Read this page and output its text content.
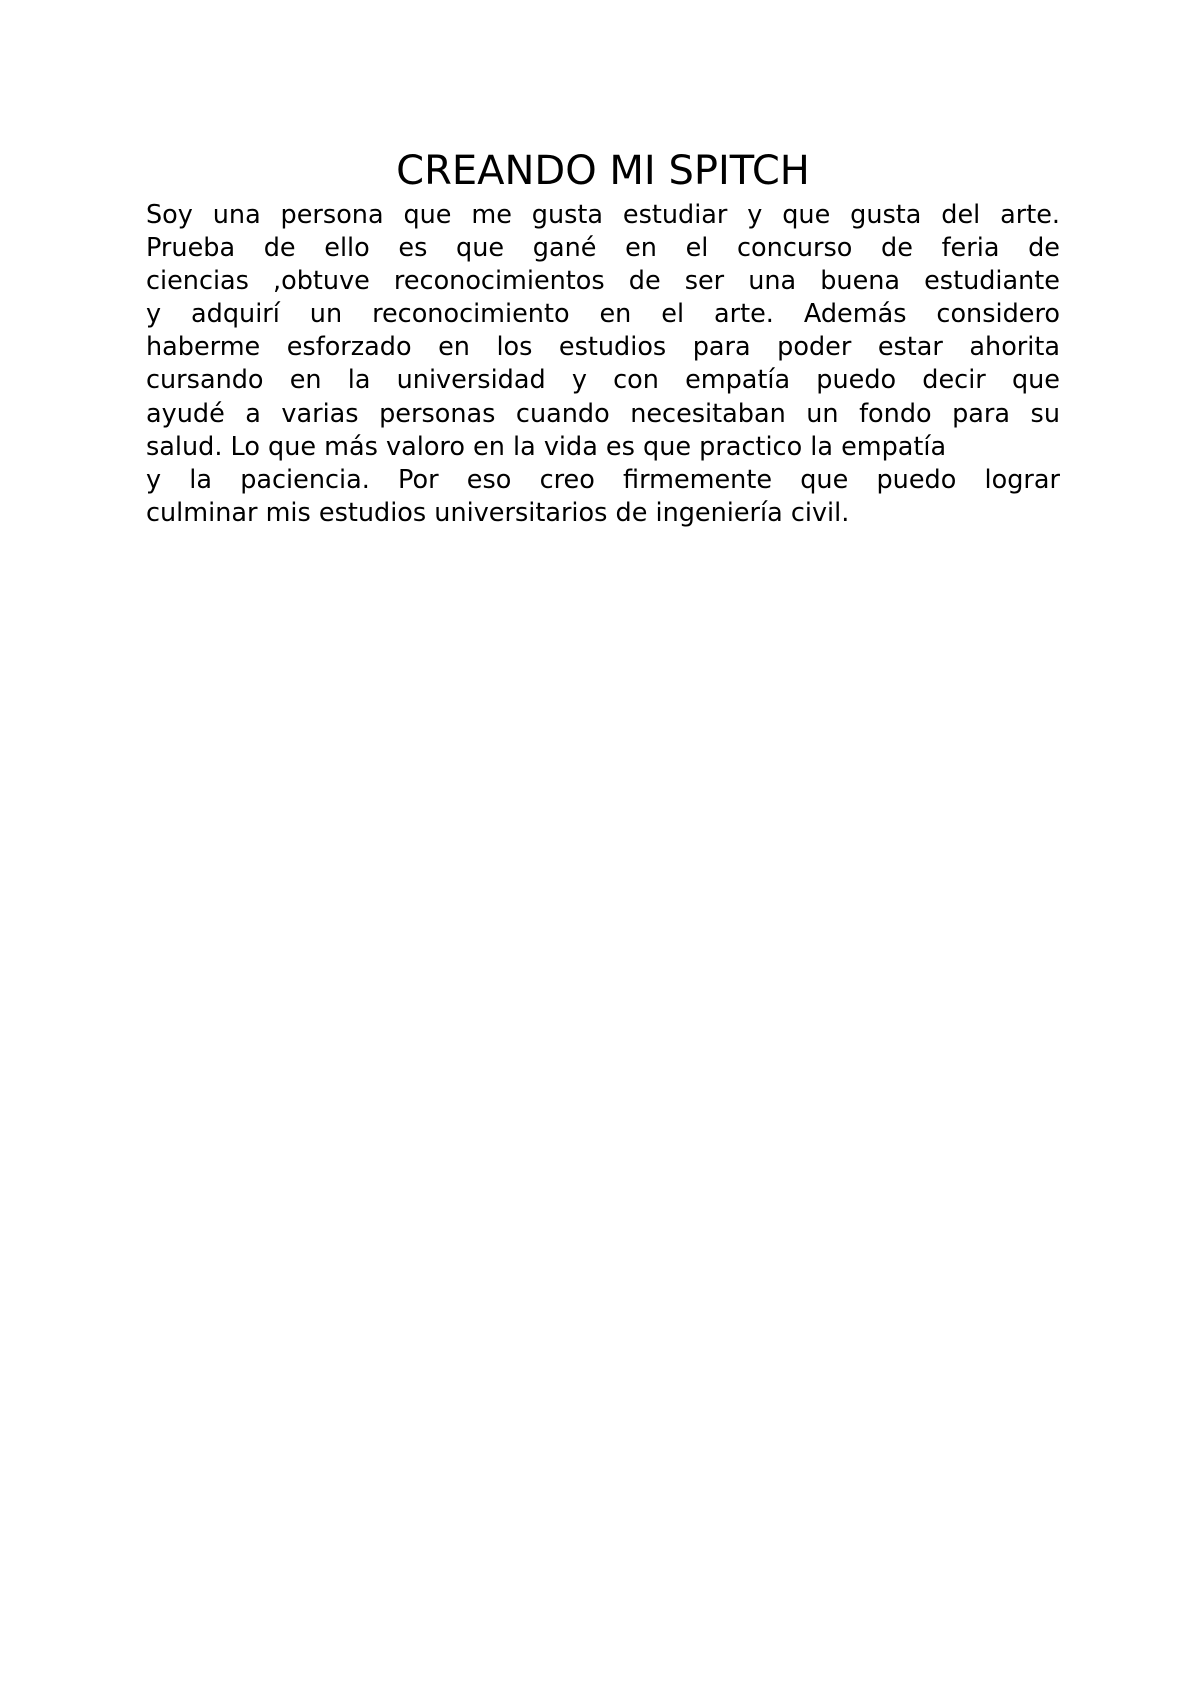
CREANDO MI SPITCH
Soy una persona que me gusta estudiar y que gusta del arte.
Prueba de ello es que gané en el concurso de feria de
ciencias ,obtuve reconocimientos de ser una buena estudiante
y adquirí un reconocimiento en el arte. Además considero
haberme esforzado en los estudios para poder estar ahorita
cursando en la universidad y con empatía puedo decir que
ayudé a varias personas cuando necesitaban un fondo para su
salud. Lo que más valoro en la vida es que practico la empatía
y la paciencia. Por eso creo firmemente que puedo lograr
culminar mis estudios universitarios de ingeniería civil.
